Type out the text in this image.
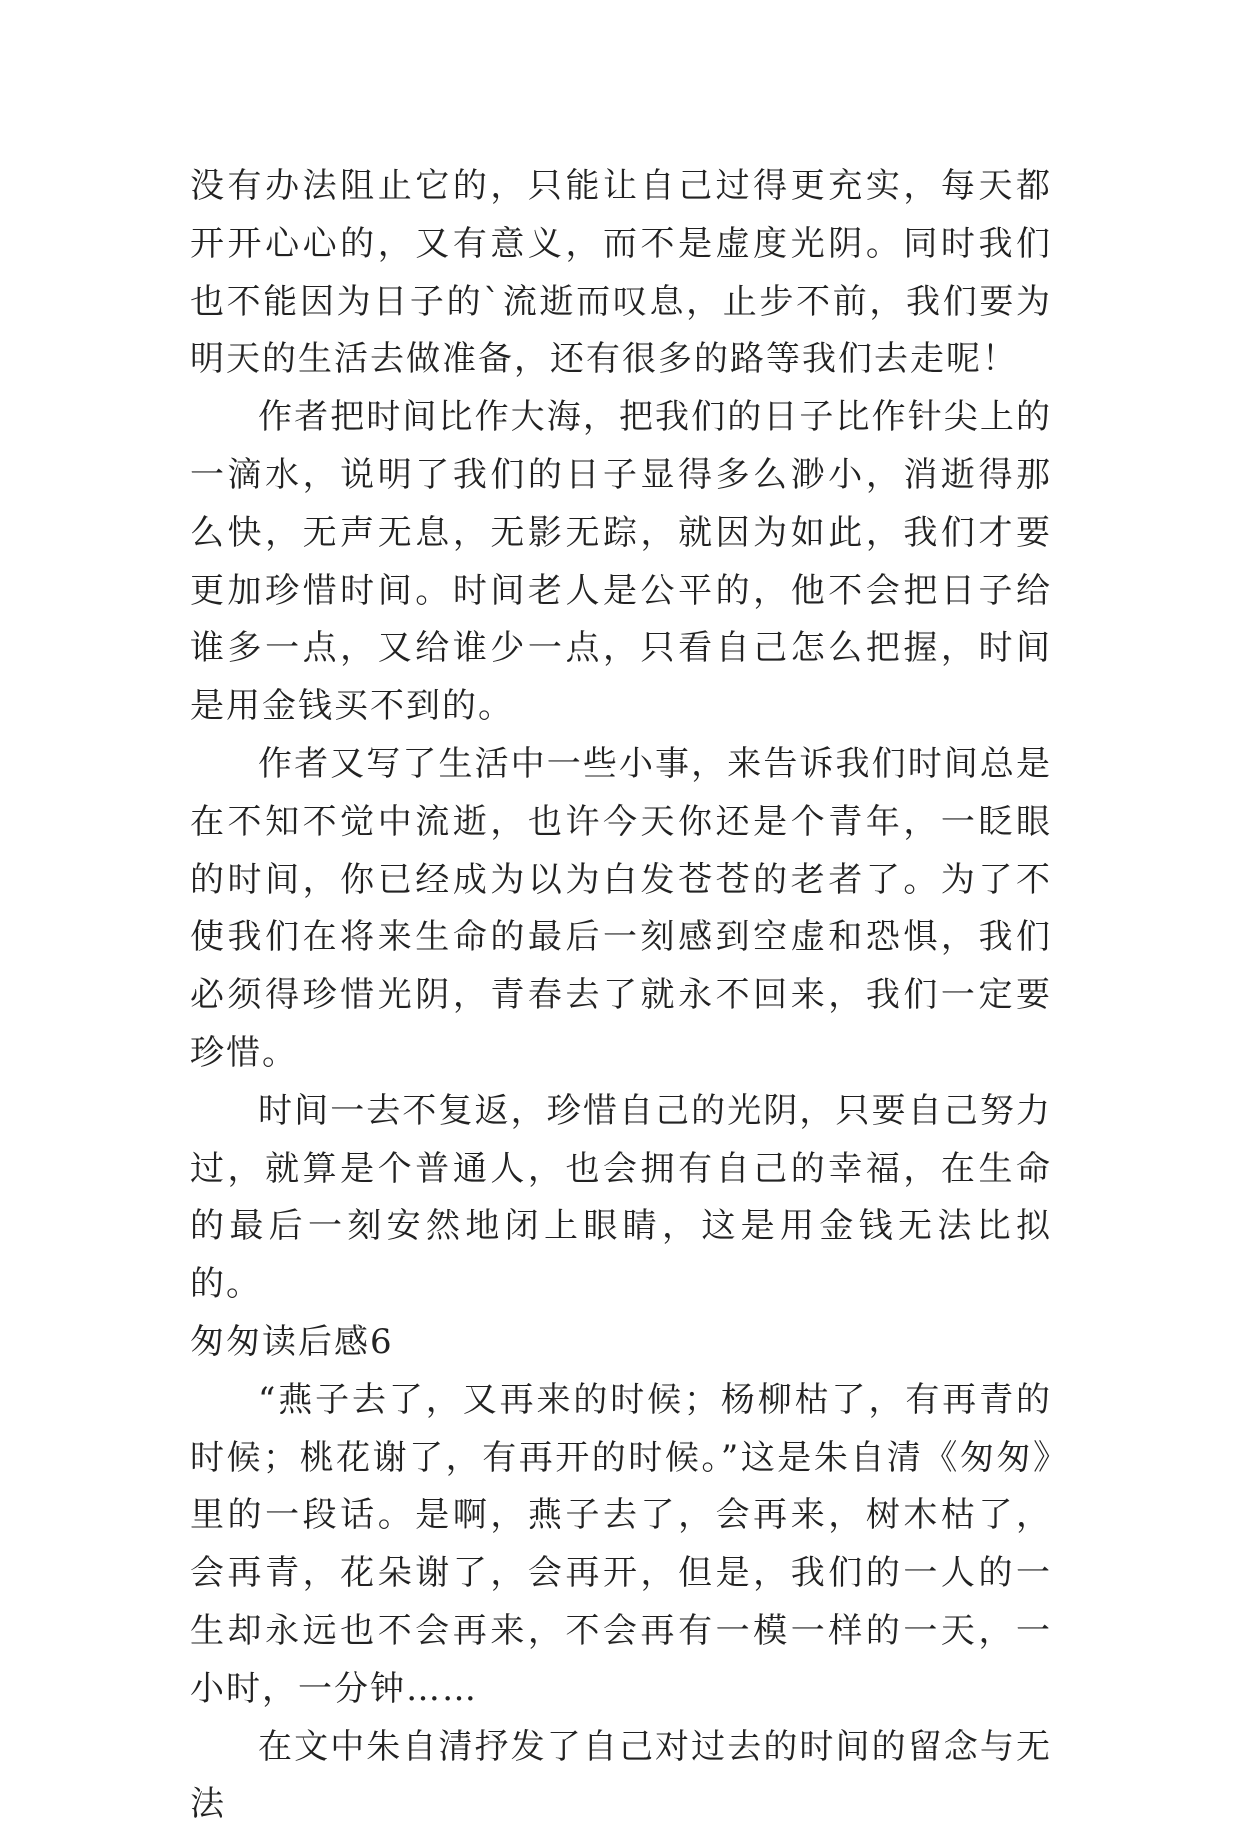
没有办法阻止它的，只能让自己过得更充实，每天都开开心心的，又有意义，而不是虚度光阴。同时我们也不能因为日子的`流逝而叹息，止步不前，我们要为明天的生活去做准备，还有很多的路等我们去走呢！

作者把时间比作大海，把我们的日子比作针尖上的一滴水，说明了我们的日子显得多么渺小，消逝得那么快，无声无息，无影无踪，就因为如此，我们才要更加珍惜时间。时间老人是公平的，他不会把日子给谁多一点，又给谁少一点，只看自己怎么把握，时间是用金钱买不到的。

作者又写了生活中一些小事，来告诉我们时间总是在不知不觉中流逝，也许今天你还是个青年，一眨眼的时间，你已经成为以为白发苍苍的老者了。为了不使我们在将来生命的最后一刻感到空虚和恐惧，我们必须得珍惜光阴，青春去了就永不回来，我们一定要珍惜。

时间一去不复返，珍惜自己的光阴，只要自己努力过，就算是个普通人，也会拥有自己的幸福，在生命的最后一刻安然地闭上眼睛，这是用金钱无法比拟的。

匆匆读后感6

“燕子去了，又再来的时候；杨柳枯了，有再青的时候；桃花谢了，有再开的时候。”这是朱自清《匆匆》里的一段话。是啊，燕子去了，会再来，树木枯了，会再青，花朵谢了，会再开，但是，我们的一人的一生却永远也不会再来，不会再有一模一样的一天，一小时，一分钟……

在文中朱自清抒发了自己对过去的时间的留念与无法
